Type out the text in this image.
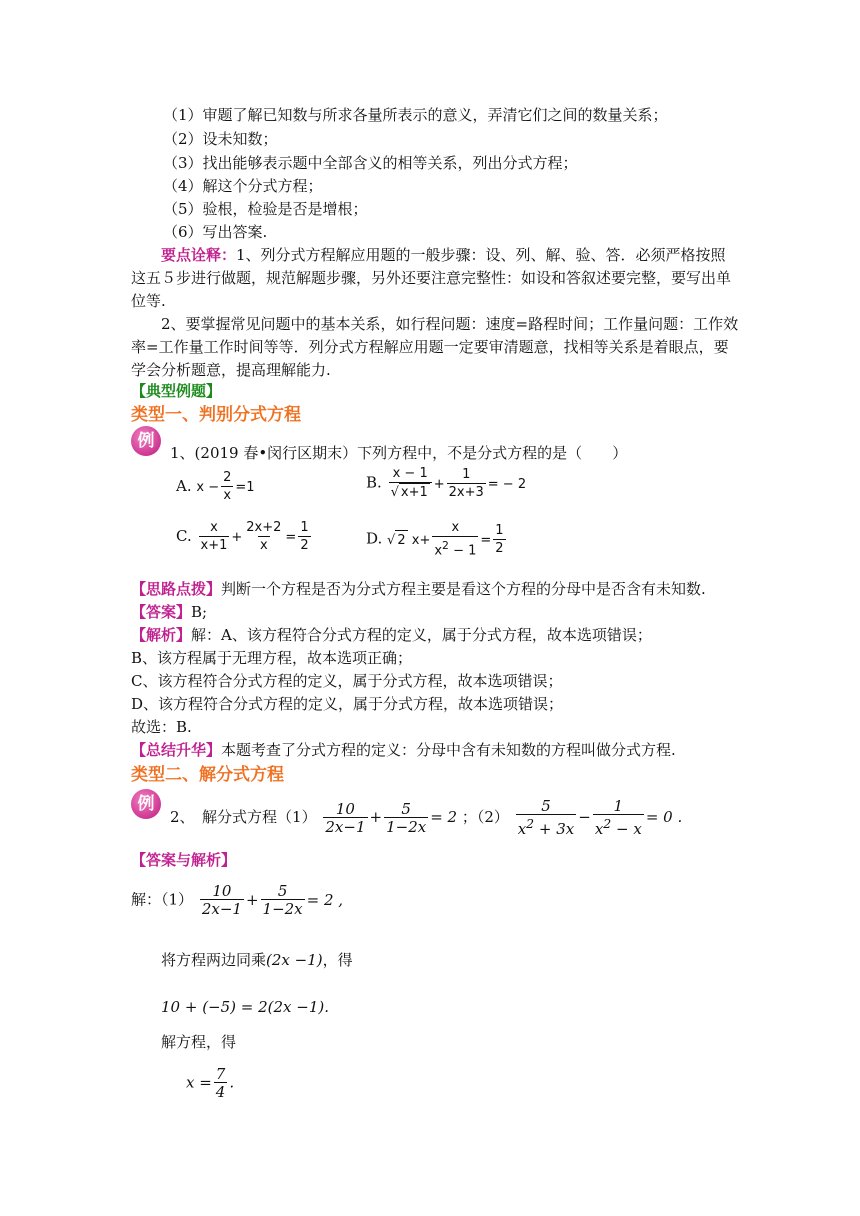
（1）审题了解已知数与所求各量所表示的意义，弄清它们之间的数量关系；
（2）设未知数；
（3）找出能够表示题中全部含义的相等关系，列出分式方程；
（4）解这个分式方程；
（5）验根，检验是否是增根；
（6）写出答案.
要点诠释：1、列分式方程解应用题的一般步骤：设、列、解、验、答．必须严格按照
这五５步进行做题，规范解题步骤，另外还要注意完整性：如设和答叙述要完整，要写出单
位等.
2、要掌握常见问题中的基本关系，如行程问题：速度=路程时间；工作量问题：工作效
率=工作量工作时间等等．列分式方程解应用题一定要审清题意，找相等关系是着眼点，要
学会分析题意，提高理解能力.
【典型例题】
类型一、判别分式方程
例
1、(2019 春•闵行区期末）下列方程中，不是分式方程的是（　　）
A. $x - \frac{2}{x} =1$	B. $\frac{x - 1}{√ x+1} + \frac{1}{2x+3}$ = − 2
C. $\frac{x}{x+1} + \frac{2x+2}{x} = \frac{1}{2}$	D. √ 2 $x+ \frac{x}{x^2 - 1} = \frac{1}{2}$
【思路点拨】判断一个方程是否为分式方程主要是看这个方程的分母中是否含有未知数.
【答案】B;
【解析】解：A、该方程符合分式方程的定义，属于分式方程，故本选项错误；
B、该方程属于无理方程，故本选项正确；
C、该方程符合分式方程的定义，属于分式方程，故本选项错误；
D、该方程符合分式方程的定义，属于分式方程，故本选项错误；
故选：B.
【总结升华】本题考查了分式方程的定义：分母中含有未知数的方程叫做分式方程.
类型二、解分式方程
例
2、　解分式方程$(1) \frac{10}{2x-1} + \frac{5}{1-2x} = 2$ ；$(2) \frac{5}{x^2 + 3x} - \frac{1}{x^2 - x} = 0$ .
【答案与解析】
解：$(1) \frac{10}{2x-1} + \frac{5}{1-2x} = 2$ ,
将方程两边同乘(2x −1)，得
10 + (−5) = 2(2x −1).
解方程，得
$x = \frac{7}{4}$ .
